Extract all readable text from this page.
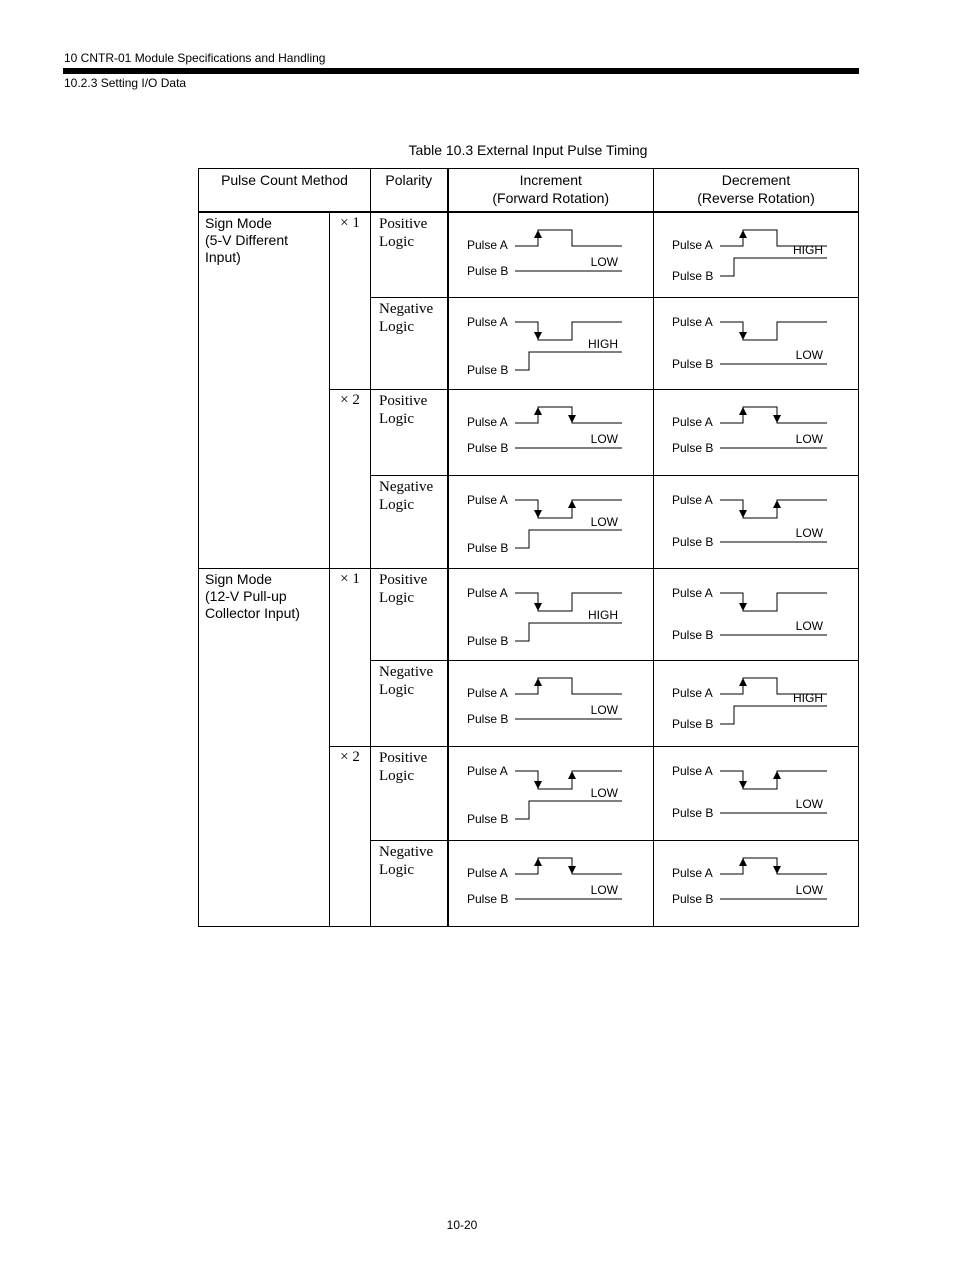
10 CNTR-01 Module Specifications and Handling
10.2.3 Setting I/O Data
Table 10.3 External Input Pulse Timing
Pulse Count Method		Polarity	Increment
(Forward Rotation)	Decrement
(Reverse Rotation)
Sign Mode
(5-V Different
Input)	× 1	Positive
Logic	Pulse A
Pulse B
LOW	Pulse A
Pulse B
HIGH

		Negative
Logic	Pulse A
Pulse B
HIGH	Pulse A
Pulse B
LOW

	× 2	Positive
Logic	Pulse A
Pulse B
LOW	Pulse A
Pulse B
LOW

		Negative
Logic	Pulse A
Pulse B
LOW	Pulse A
Pulse B
LOW

Sign Mode
(12-V Pull-up
Collector Input)	× 1	Positive
Logic	Pulse A
Pulse B
HIGH	Pulse A
Pulse B
LOW

		Negative
Logic	Pulse A
Pulse B
LOW	Pulse A
Pulse B
HIGH

	× 2	Positive
Logic	Pulse A
Pulse B
LOW	Pulse A
Pulse B
LOW

		Negative
Logic	Pulse A
Pulse B
LOW	Pulse A
Pulse B
LOW
10-20
